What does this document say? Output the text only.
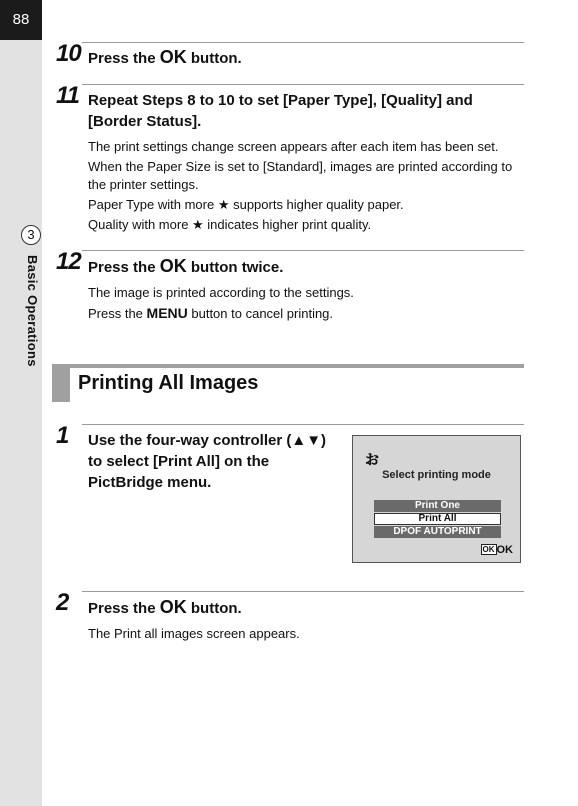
88
3
Basic Operations
10 Press the OK button.
11 Repeat Steps 8 to 10 to set [Paper Type], [Quality] and [Border Status].
The print settings change screen appears after each item has been set.
When the Paper Size is set to [Standard], images are printed according to the printer settings.
Paper Type with more ★ supports higher quality paper.
Quality with more ★ indicates higher print quality.
12 Press the OK button twice.
The image is printed according to the settings.
Press the MENU button to cancel printing.
Printing All Images
1 Use the four-way controller (▲▼) to select [Print All] on the PictBridge menu.
ぉ
Select printing mode
Print One
Print All
DPOF AUTOPRINT
OK OK
2 Press the OK button.
The Print all images screen appears.
